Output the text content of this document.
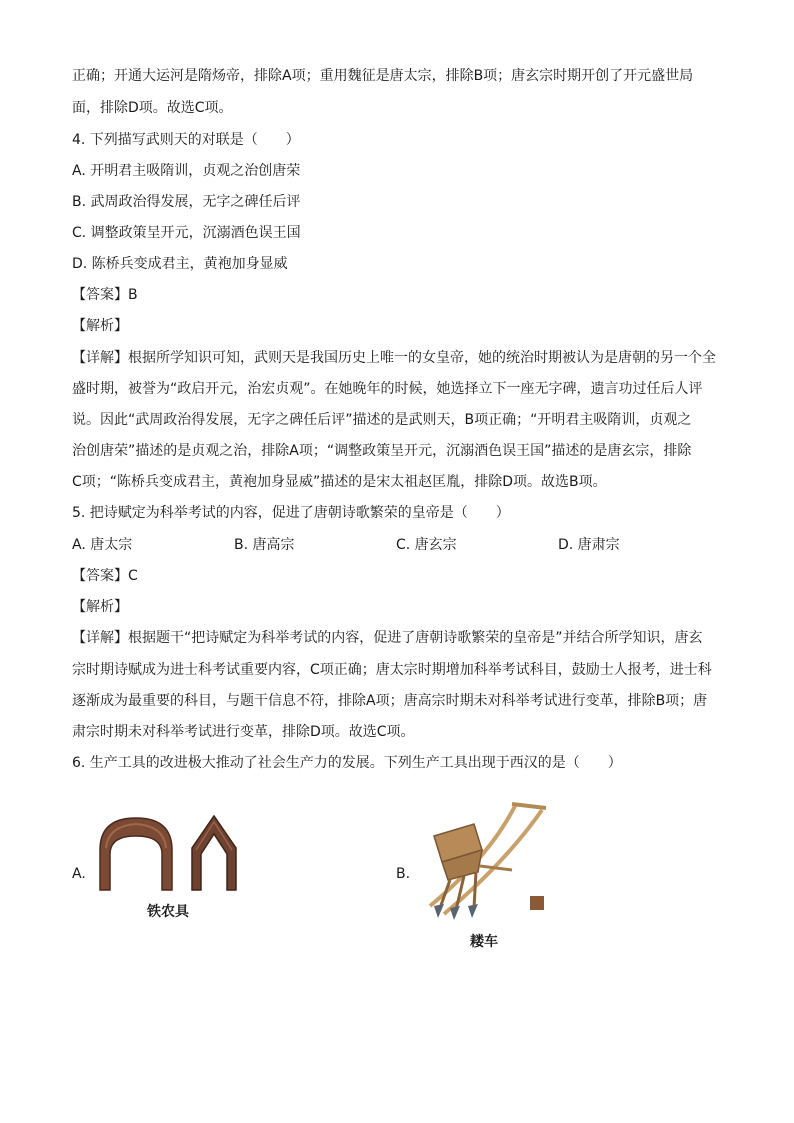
正确；开通大运河是隋炀帝，排除A项；重用魏征是唐太宗，排除B项；唐玄宗时期开创了开元盛世局
面，排除D项。故选C项。
4. 下列描写武则天的对联是（　　）
A. 开明君主吸隋训，贞观之治创唐荣
B. 武周政治得发展，无字之碑任后评
C. 调整政策呈开元，沉溺酒色误王国
D. 陈桥兵变成君主，黄袍加身显威
【答案】B
【解析】
【详解】根据所学知识可知，武则天是我国历史上唯一的女皇帝，她的统治时期被认为是唐朝的另一个全
盛时期，被誉为“政启开元，治宏贞观”。在她晚年的时候，她选择立下一座无字碑，遗言功过任后人评
说。因此“武周政治得发展，无字之碑任后评”描述的是武则天，B项正确；“开明君主吸隋训，贞观之
治创唐荣”描述的是贞观之治，排除A项；“调整政策呈开元，沉溺酒色误王国”描述的是唐玄宗，排除
C项；“陈桥兵变成君主，黄袍加身显威”描述的是宋太祖赵匡胤，排除D项。故选B项。
5. 把诗赋定为科举考试的内容，促进了唐朝诗歌繁荣的皇帝是（　　）
A. 唐太宗	B. 唐高宗	C. 唐玄宗	D. 唐肃宗
【答案】C
【解析】
【详解】根据题干“把诗赋定为科举考试的内容，促进了唐朝诗歌繁荣的皇帝是”并结合所学知识，唐玄
宗时期诗赋成为进士科考试重要内容，C项正确；唐太宗时期增加科举考试科目，鼓励士人报考，进士科
逐渐成为最重要的科目，与题干信息不符，排除A项；唐高宗时期未对科举考试进行变革，排除B项；唐
肃宗时期未对科举考试进行变革，排除D项。故选C项。
6. 生产工具的改进极大推动了社会生产力的发展。下列生产工具出现于西汉的是（　　）
A.
铁农具
B.
耧车
